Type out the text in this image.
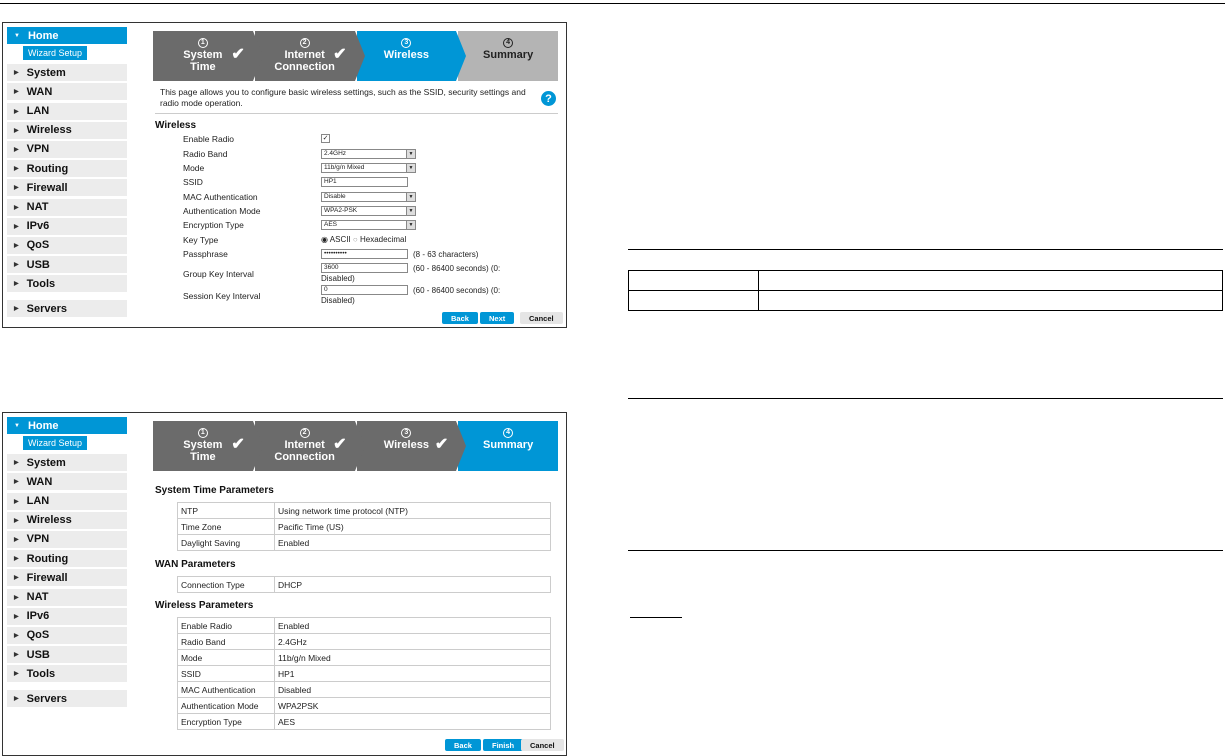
▼ Home
Wizard Setup
▶ System
▶ WAN
▶ LAN
▶ Wireless
▶ VPN
▶ Routing
▶ Firewall
▶ NAT
▶ IPv6
▶ QoS
▶ USB
▶ Tools
▶ Servers
1
System
Time
✔
2
Internet
Connection
✔
3
Wireless
4
Summary
This page allows you to configure basic wireless settings, such as the SSID, security settings and radio mode operation.	?
Wireless
Enable Radio	✓
Radio Band	2.4GHz	▼
Mode	11b/g/n Mixed	▼
SSID	HP1
MAC Authentication	Disable	▼
Authentication Mode	WPA2-PSK	▼
Encryption Type	AES	▼
Key Type	◉ ASCII ○ Hexadecimal
Passphrase	••••••••••	(8 - 63 characters)
Group Key Interval
3600	(60 - 86400 seconds) (0:
Disabled)
Session Key Interval
0	(60 - 86400 seconds) (0:
Disabled)
Back	Next	Cancel
▼ Home
Wizard Setup
▶ System
▶ WAN
▶ LAN
▶ Wireless
▶ VPN
▶ Routing
▶ Firewall
▶ NAT
▶ IPv6
▶ QoS
▶ USB
▶ Tools
▶ Servers
1
System
Time
✔
2
Internet
Connection
✔
3
Wireless ✔
4
Summary
System Time Parameters
NTP	Using network time protocol (NTP)
Time Zone	Pacific Time (US)
Daylight Saving	Enabled
WAN Parameters
Connection Type	DHCP
Wireless Parameters
Enable Radio	Enabled
Radio Band	2.4GHz
Mode	11b/g/n Mixed
SSID	HP1
MAC Authentication	Disabled
Authentication Mode	WPA2PSK
Encryption Type	AES
Back	Finish	Cancel
